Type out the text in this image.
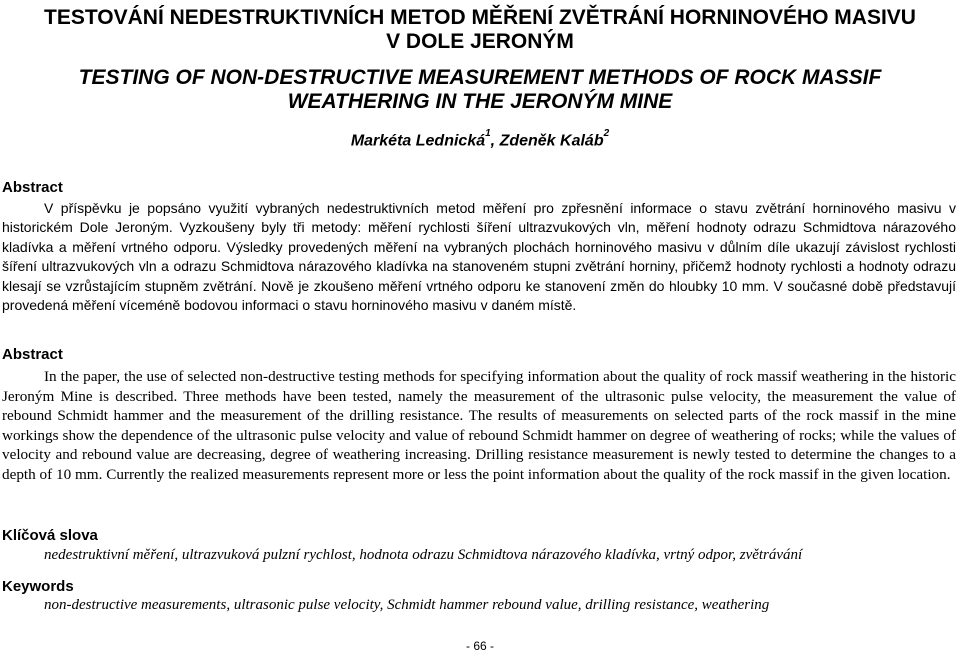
TESTOVÁNÍ NEDESTRUKTIVNÍCH METOD MĚŘENÍ ZVĚTRÁNÍ HORNINOVÉHO MASIVU
V DOLE JERONÝM
TESTING OF NON-DESTRUCTIVE MEASUREMENT METHODS OF ROCK MASSIF
WEATHERING IN THE JERONÝM MINE
Markéta Lednická$^1$, Zdeněk Kaláb$^2$

Abstract

V příspěvku je popsáno využití vybraných nedestruktivních metod měření pro zpřesnění informace o stavu zvětrání horninového masivu v historickém Dole Jeroným. Vyzkoušeny byly tři metody: měření rychlosti šíření ultrazvukových vln, měření hodnoty odrazu Schmidtova nárazového kladívka a měření vrtného odporu. Výsledky provedených měření na vybraných plochách horninového masivu v důlním díle ukazují závislost rychlosti šíření ultrazvukových vln a odrazu Schmidtova nárazového kladívka na stanoveném stupni zvětrání horniny, přičemž hodnoty rychlosti a hodnoty odrazu klesají se vzrůstajícím stupněm zvětrání. Nově je zkoušeno měření vrtného odporu ke stanovení změn do hloubky 10 mm. V současné době představují provedená měření víceméně bodovou informaci o stavu horninového masivu v daném místě.

Abstract

In the paper, the use of selected non-destructive testing methods for specifying information about the quality of rock massif weathering in the historic Jeroným Mine is described. Three methods have been tested, namely the measurement of the ultrasonic pulse velocity, the measurement the value of rebound Schmidt hammer and the measurement of the drilling resistance. The results of measurements on selected parts of the rock massif in the mine workings show the dependence of the ultrasonic pulse velocity and value of rebound Schmidt hammer on degree of weathering of rocks; while the values of velocity and rebound value are decreasing, degree of weathering increasing. Drilling resistance measurement is newly tested to determine the changes to a depth of 10 mm. Currently the realized measurements represent more or less the point information about the quality of the rock massif in the given location.

Klíčová slova

nedestruktivní měření, ultrazvuková pulzní rychlost, hodnota odrazu Schmidtova nárazového kladívka, vrtný odpor, zvětrávání

Keywords

non-destructive measurements, ultrasonic pulse velocity, Schmidt hammer rebound value, drilling resistance, weathering

- 66 -
